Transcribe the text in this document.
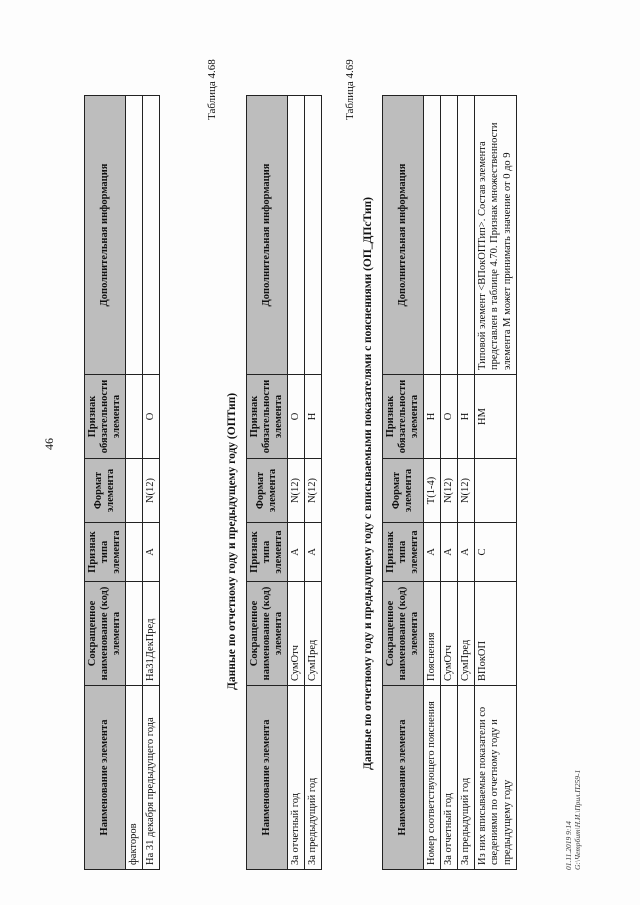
46
Наименование элемента	Сокращенное наименование (код) элемента	Признак типа элемента	Формат элемента	Признак обязательности элемента	Дополнительная информация
факторов					
На 31 декабря предыдущего года	На31ДекПред	А	N(12)	О	
Таблица 4.68
Данные по отчетному году и предыдущему году (ОПТип)
Наименование элемента	Сокращенное наименование (код) элемента	Признак типа элемента	Формат элемента	Признак обязательности элемента	Дополнительная информация
За отчетный год	СумОтч	А	N(12)	О	
За предыдущий год	СумПред	А	N(12)	Н	
Таблица 4.69
Данные по отчетному году и предыдущему году с вписываемыми показателями с пояснениями (ОП_ДПсТип)
Наименование элемента	Сокращенное наименование (код) элемента	Признак типа элемента	Формат элемента	Признак обязательности элемента	Дополнительная информация
Номер соответствующего пояснения	Пояснения	А	T(1-4)	Н	
За отчетный год	СумОтч	А	N(12)	О	
За предыдущий год	СумПред	А	N(12)	Н	
Из них вписываемые показатели со сведениями по отчетному году и предыдущему году	ВПокОП	С		НМ	Типовой элемент <ВПокОПТип>. Состав элемента представлен в таблице 4.70. Признак множественности элемента М может принимать значение от 0 до 9
01.11.2019 9:14 G:\Четрбит\Н.И.\Прил.П259-1
